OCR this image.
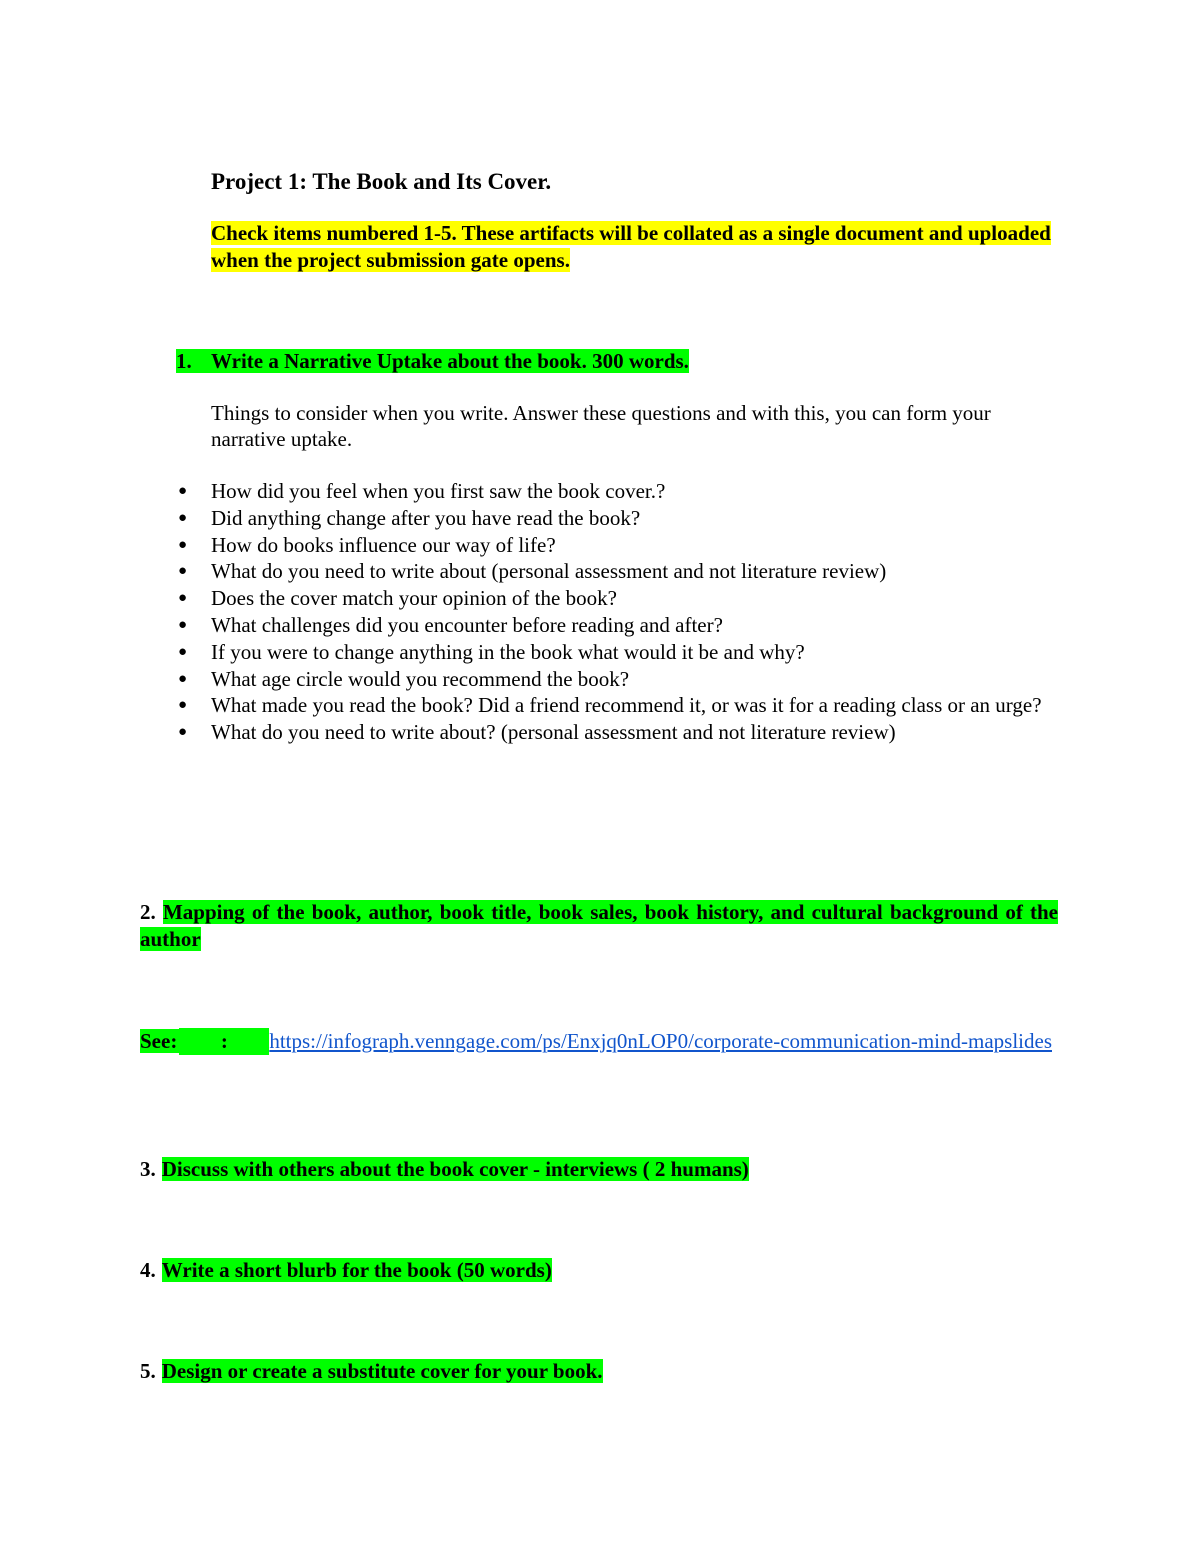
Project 1: The Book and Its Cover.
Check items numbered 1-5. These artifacts will be collated as a single document and uploaded when the project submission gate opens.
1. Write a Narrative Uptake about the book. 300 words.
Things to consider when you write. Answer these questions and with this, you can form your narrative uptake.
● How did you feel when you first saw the book cover.?
● Did anything change after you have read the book?
● How do books influence our way of life?
● What do you need to write about (personal assessment and not literature review)
● Does the cover match your opinion of the book?
● What challenges did you encounter before reading and after?
● If you were to change anything in the book what would it be and why?
● What age circle would you recommend the book?
● What made you read the book? Did a friend recommend it, or was it for a reading class or an urge?
● What do you need to write about? (personal assessment and not literature review)
2. Mapping of the book, author, book title, book sales, book history, and cultural background of the author
See: : https://infograph.venngage.com/ps/Enxjq0nLOP0/corporate-communication-mind-mapslides
3. Discuss with others about the book cover - interviews ( 2 humans)
4. Write a short blurb for the book (50 words)
5. Design or create a substitute cover for your book.
